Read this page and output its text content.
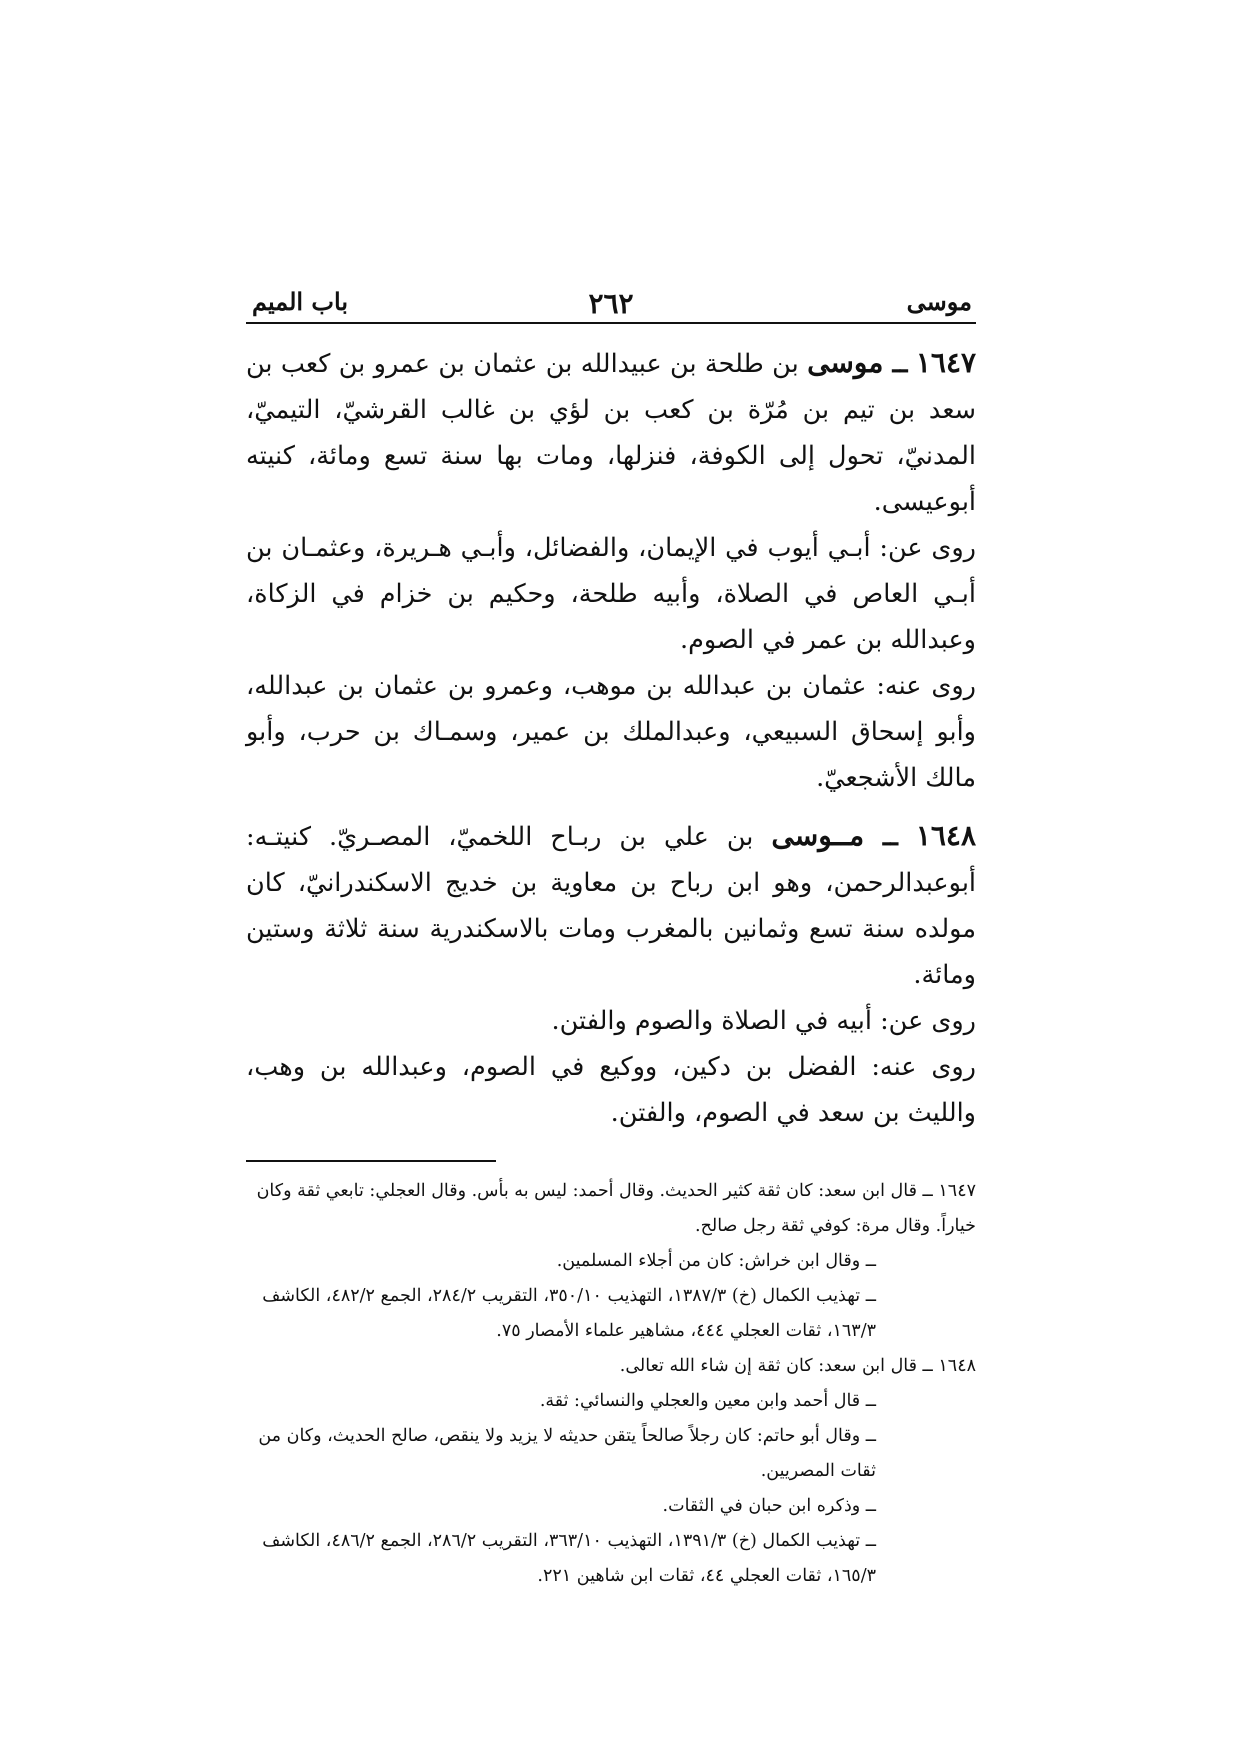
موسى
٢٦٢
باب الميم

١٦٤٧ ــ موسى بن طلحة بن عبيدالله بن عثمان بن عمرو بن كعب بن سعد بن تيم بن مُرّة بن كعب بن لؤي بن غالب القرشيّ، التيميّ، المدنيّ، تحول إلى الكوفة، فنزلها، ومات بها سنة تسع ومائة، كنيته أبوعيسى.

روى عن: أبـي أيوب في الإيمان، والفضائل، وأبـي هـريرة، وعثمـان بن أبـي العاص في الصلاة، وأبيه طلحة، وحكيم بن خزام في الزكاة، وعبدالله بن عمر في الصوم.

روى عنه: عثمان بن عبدالله بن موهب، وعمرو بن عثمان بن عبدالله، وأبو إسحاق السبيعي، وعبدالملك بن عمير، وسمـاك بن حرب، وأبو مالك الأشجعيّ.

١٦٤٨ ــ مــوسى بن علي بن ربـاح اللخميّ، المصـريّ. كنيتـه: أبوعبدالرحمن، وهو ابن رباح بن معاوية بن خديج الاسكندرانيّ، كان مولده سنة تسع وثمانين بالمغرب ومات بالاسكندرية سنة ثلاثة وستين ومائة.

روى عن: أبيه في الصلاة والصوم والفتن.

روى عنه: الفضل بن دكين، ووكيع في الصوم، وعبدالله بن وهب، والليث بن سعد في الصوم، والفتن.

١٦٤٧ ــ قال ابن سعد: كان ثقة كثير الحديث. وقال أحمد: ليس به بأس. وقال العجلي: تابعي ثقة وكان خياراً. وقال مرة: كوفي ثقة رجل صالح.

ــ وقال ابن خراش: كان من أجلاء المسلمين.

ــ تهذيب الكمال (خ) ١٣٨٧/٣، التهذيب ٣٥٠/١٠، التقريب ٢٨٤/٢، الجمع ٤٨٢/٢، الكاشف ١٦٣/٣، ثقات العجلي ٤٤٤، مشاهير علماء الأمصار ٧٥.

١٦٤٨ ــ قال ابن سعد: كان ثقة إن شاء الله تعالى.

ــ قال أحمد وابن معين والعجلي والنسائي: ثقة.

ــ وقال أبو حاتم: كان رجلاً صالحاً يتقن حديثه لا يزيد ولا ينقص، صالح الحديث، وكان من ثقات المصريين.

ــ وذكره ابن حبان في الثقات.

ــ تهذيب الكمال (خ) ١٣٩١/٣، التهذيب ٣٦٣/١٠، التقريب ٢٨٦/٢، الجمع ٤٨٦/٢، الكاشف ١٦٥/٣، ثقات العجلي ٤٤، ثقات ابن شاهين ٢٢١.
